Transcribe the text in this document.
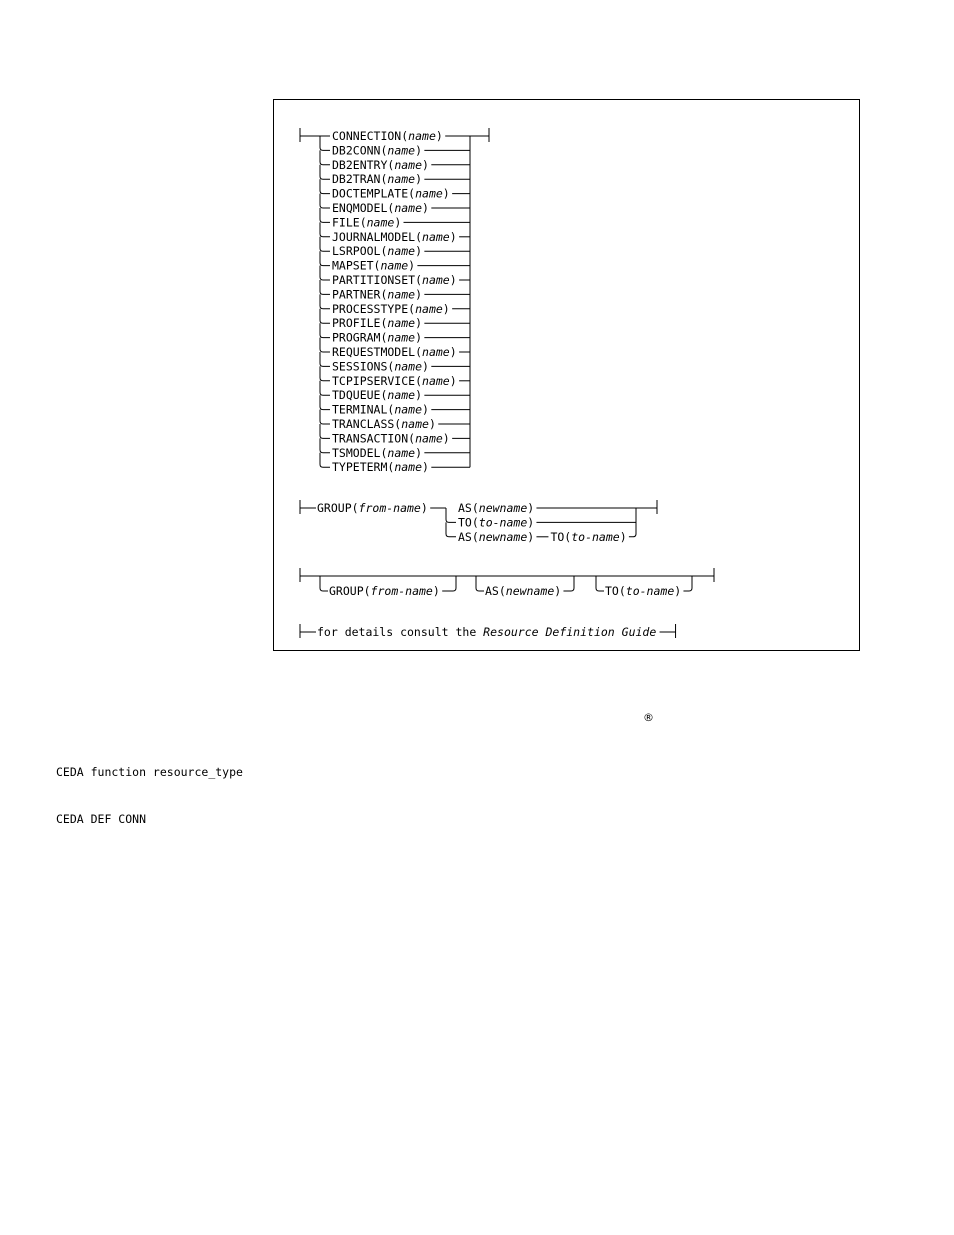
CONNECTION(name)
DB2CONN(name)
DB2ENTRY(name)
DB2TRAN(name)
DOCTEMPLATE(name)
ENQMODEL(name)
FILE(name)
JOURNALMODEL(name)
LSRPOOL(name)
MAPSET(name)
PARTITIONSET(name)
PARTNER(name)
PROCESSTYPE(name)
PROFILE(name)
PROGRAM(name)
REQUESTMODEL(name)
SESSIONS(name)
TCPIPSERVICE(name)
TDQUEUE(name)
TERMINAL(name)
TRANCLASS(name)
TRANSACTION(name)
TSMODEL(name)
TYPETERM(name)
GROUP(from-name)	AS(newname)
TO(to-name)
AS(newname) TO(to-name)
GROUP(from-name)	AS(newname)	TO(to-name)
for details consult the Resource Definition Guide
®
CEDA function resource_type
CEDA DEF CONN
